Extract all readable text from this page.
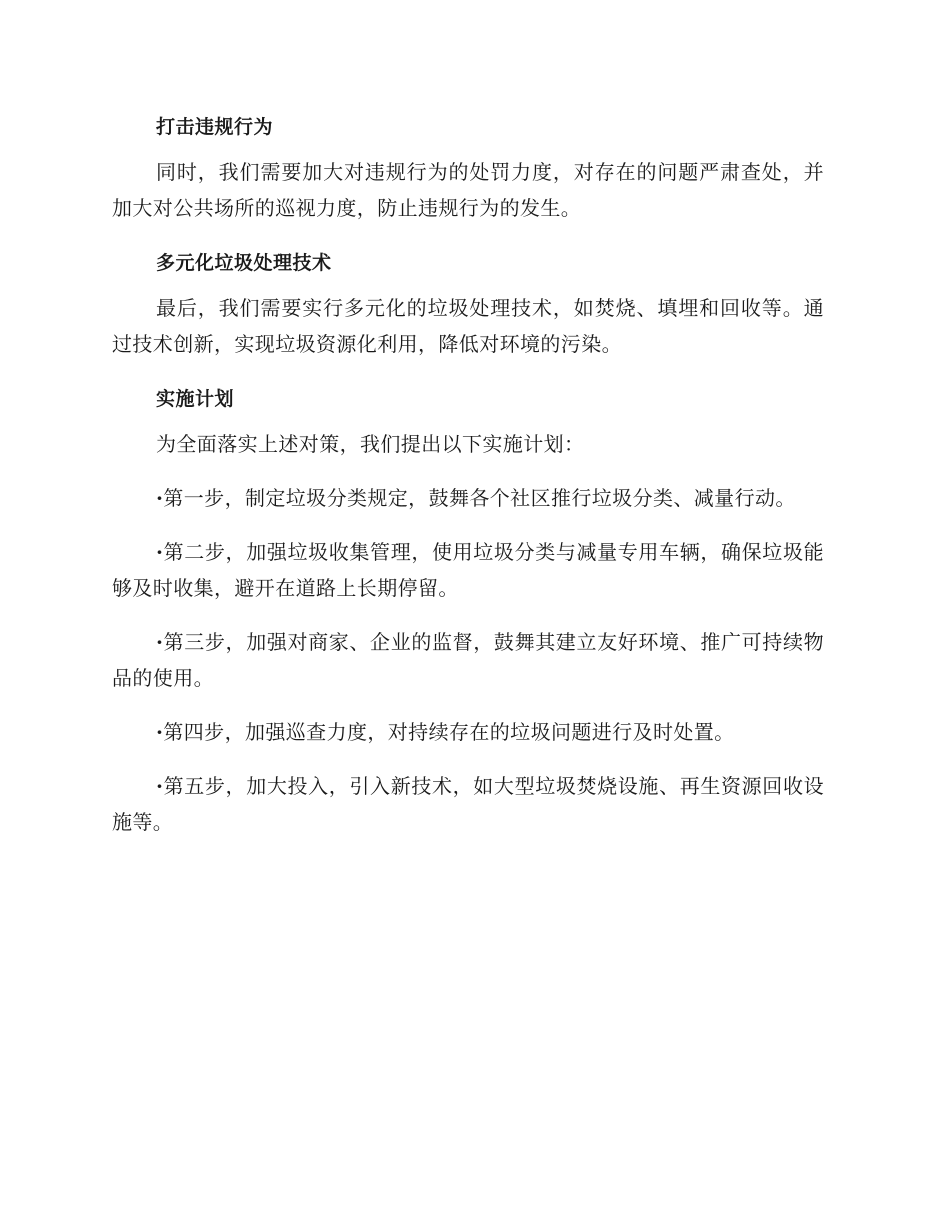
打击违规行为

同时，我们需要加大对违规行为的处罚力度，对存在的问题严肃查处，并加大对公共场所的巡视力度，防止违规行为的发生。

多元化垃圾处理技术

最后，我们需要实行多元化的垃圾处理技术，如焚烧、填埋和回收等。通过技术创新，实现垃圾资源化利用，降低对环境的污染。

实施计划

为全面落实上述对策，我们提出以下实施计划：

·第一步，制定垃圾分类规定，鼓舞各个社区推行垃圾分类、减量行动。

·第二步，加强垃圾收集管理，使用垃圾分类与减量专用车辆，确保垃圾能够及时收集，避开在道路上长期停留。

·第三步，加强对商家、企业的监督，鼓舞其建立友好环境、推广可持续物品的使用。

·第四步，加强巡查力度，对持续存在的垃圾问题进行及时处置。

·第五步，加大投入，引入新技术，如大型垃圾焚烧设施、再生资源回收设施等。
